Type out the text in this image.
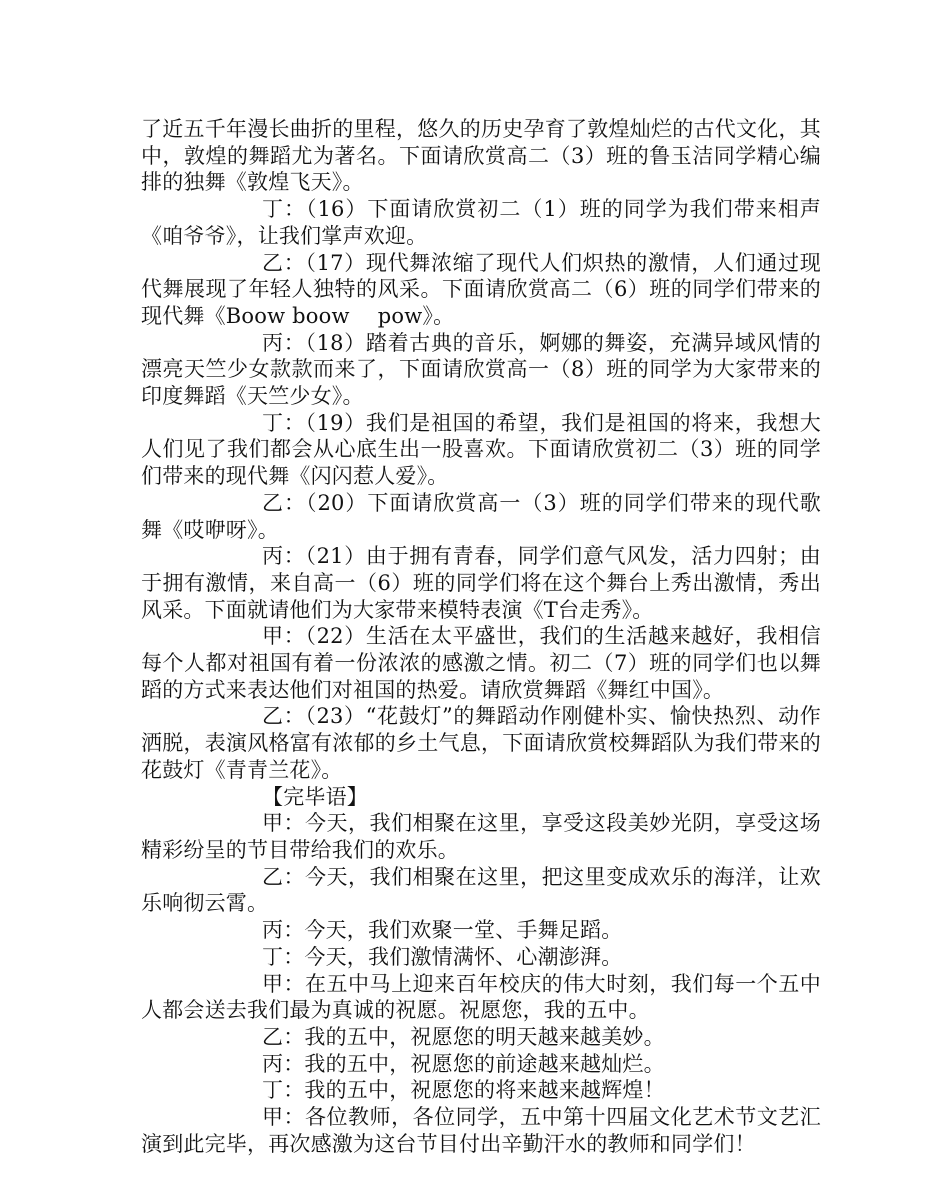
了近五千年漫长曲折的里程，悠久的历史孕育了敦煌灿烂的古代文化，其中，敦煌的舞蹈尤为著名。下面请欣赏高二（3）班的鲁玉洁同学精心编排的独舞《敦煌飞天》。

丁：（16）下面请欣赏初二（1）班的同学为我们带来相声《咱爷爷》，让我们掌声欢迎。

乙：（17）现代舞浓缩了现代人们炽热的激情，人们通过现代舞展现了年轻人独特的风采。下面请欣赏高二（6）班的同学们带来的现代舞《Boow boow　 pow》。

丙：（18）踏着古典的音乐，婀娜的舞姿，充满异域风情的漂亮天竺少女款款而来了，下面请欣赏高一（8）班的同学为大家带来的印度舞蹈《天竺少女》。

丁：（19）我们是祖国的希望，我们是祖国的将来，我想大人们见了我们都会从心底生出一股喜欢。下面请欣赏初二（3）班的同学们带来的现代舞《闪闪惹人爱》。

乙：（20）下面请欣赏高一（3）班的同学们带来的现代歌舞《哎咿呀》。

丙：（21）由于拥有青春，同学们意气风发，活力四射；由于拥有激情，来自高一（6）班的同学们将在这个舞台上秀出激情，秀出风采。下面就请他们为大家带来模特表演《T台走秀》。

甲：（22）生活在太平盛世，我们的生活越来越好，我相信每个人都对祖国有着一份浓浓的感激之情。初二（7）班的同学们也以舞蹈的方式来表达他们对祖国的热爱。请欣赏舞蹈《舞红中国》。

乙：（23）“花鼓灯”的舞蹈动作刚健朴实、愉快热烈、动作洒脱，表演风格富有浓郁的乡土气息，下面请欣赏校舞蹈队为我们带来的花鼓灯《青青兰花》。

【完毕语】

甲：今天，我们相聚在这里，享受这段美妙光阴，享受这场精彩纷呈的节目带给我们的欢乐。

乙：今天，我们相聚在这里，把这里变成欢乐的海洋，让欢乐响彻云霄。

丙：今天，我们欢聚一堂、手舞足蹈。

丁：今天，我们激情满怀、心潮澎湃。

甲：在五中马上迎来百年校庆的伟大时刻，我们每一个五中人都会送去我们最为真诚的祝愿。祝愿您，我的五中。

乙：我的五中，祝愿您的明天越来越美妙。

丙：我的五中，祝愿您的前途越来越灿烂。

丁：我的五中，祝愿您的将来越来越辉煌！

甲：各位教师，各位同学，五中第十四届文化艺术节文艺汇演到此完毕，再次感激为这台节目付出辛勤汗水的教师和同学们！
